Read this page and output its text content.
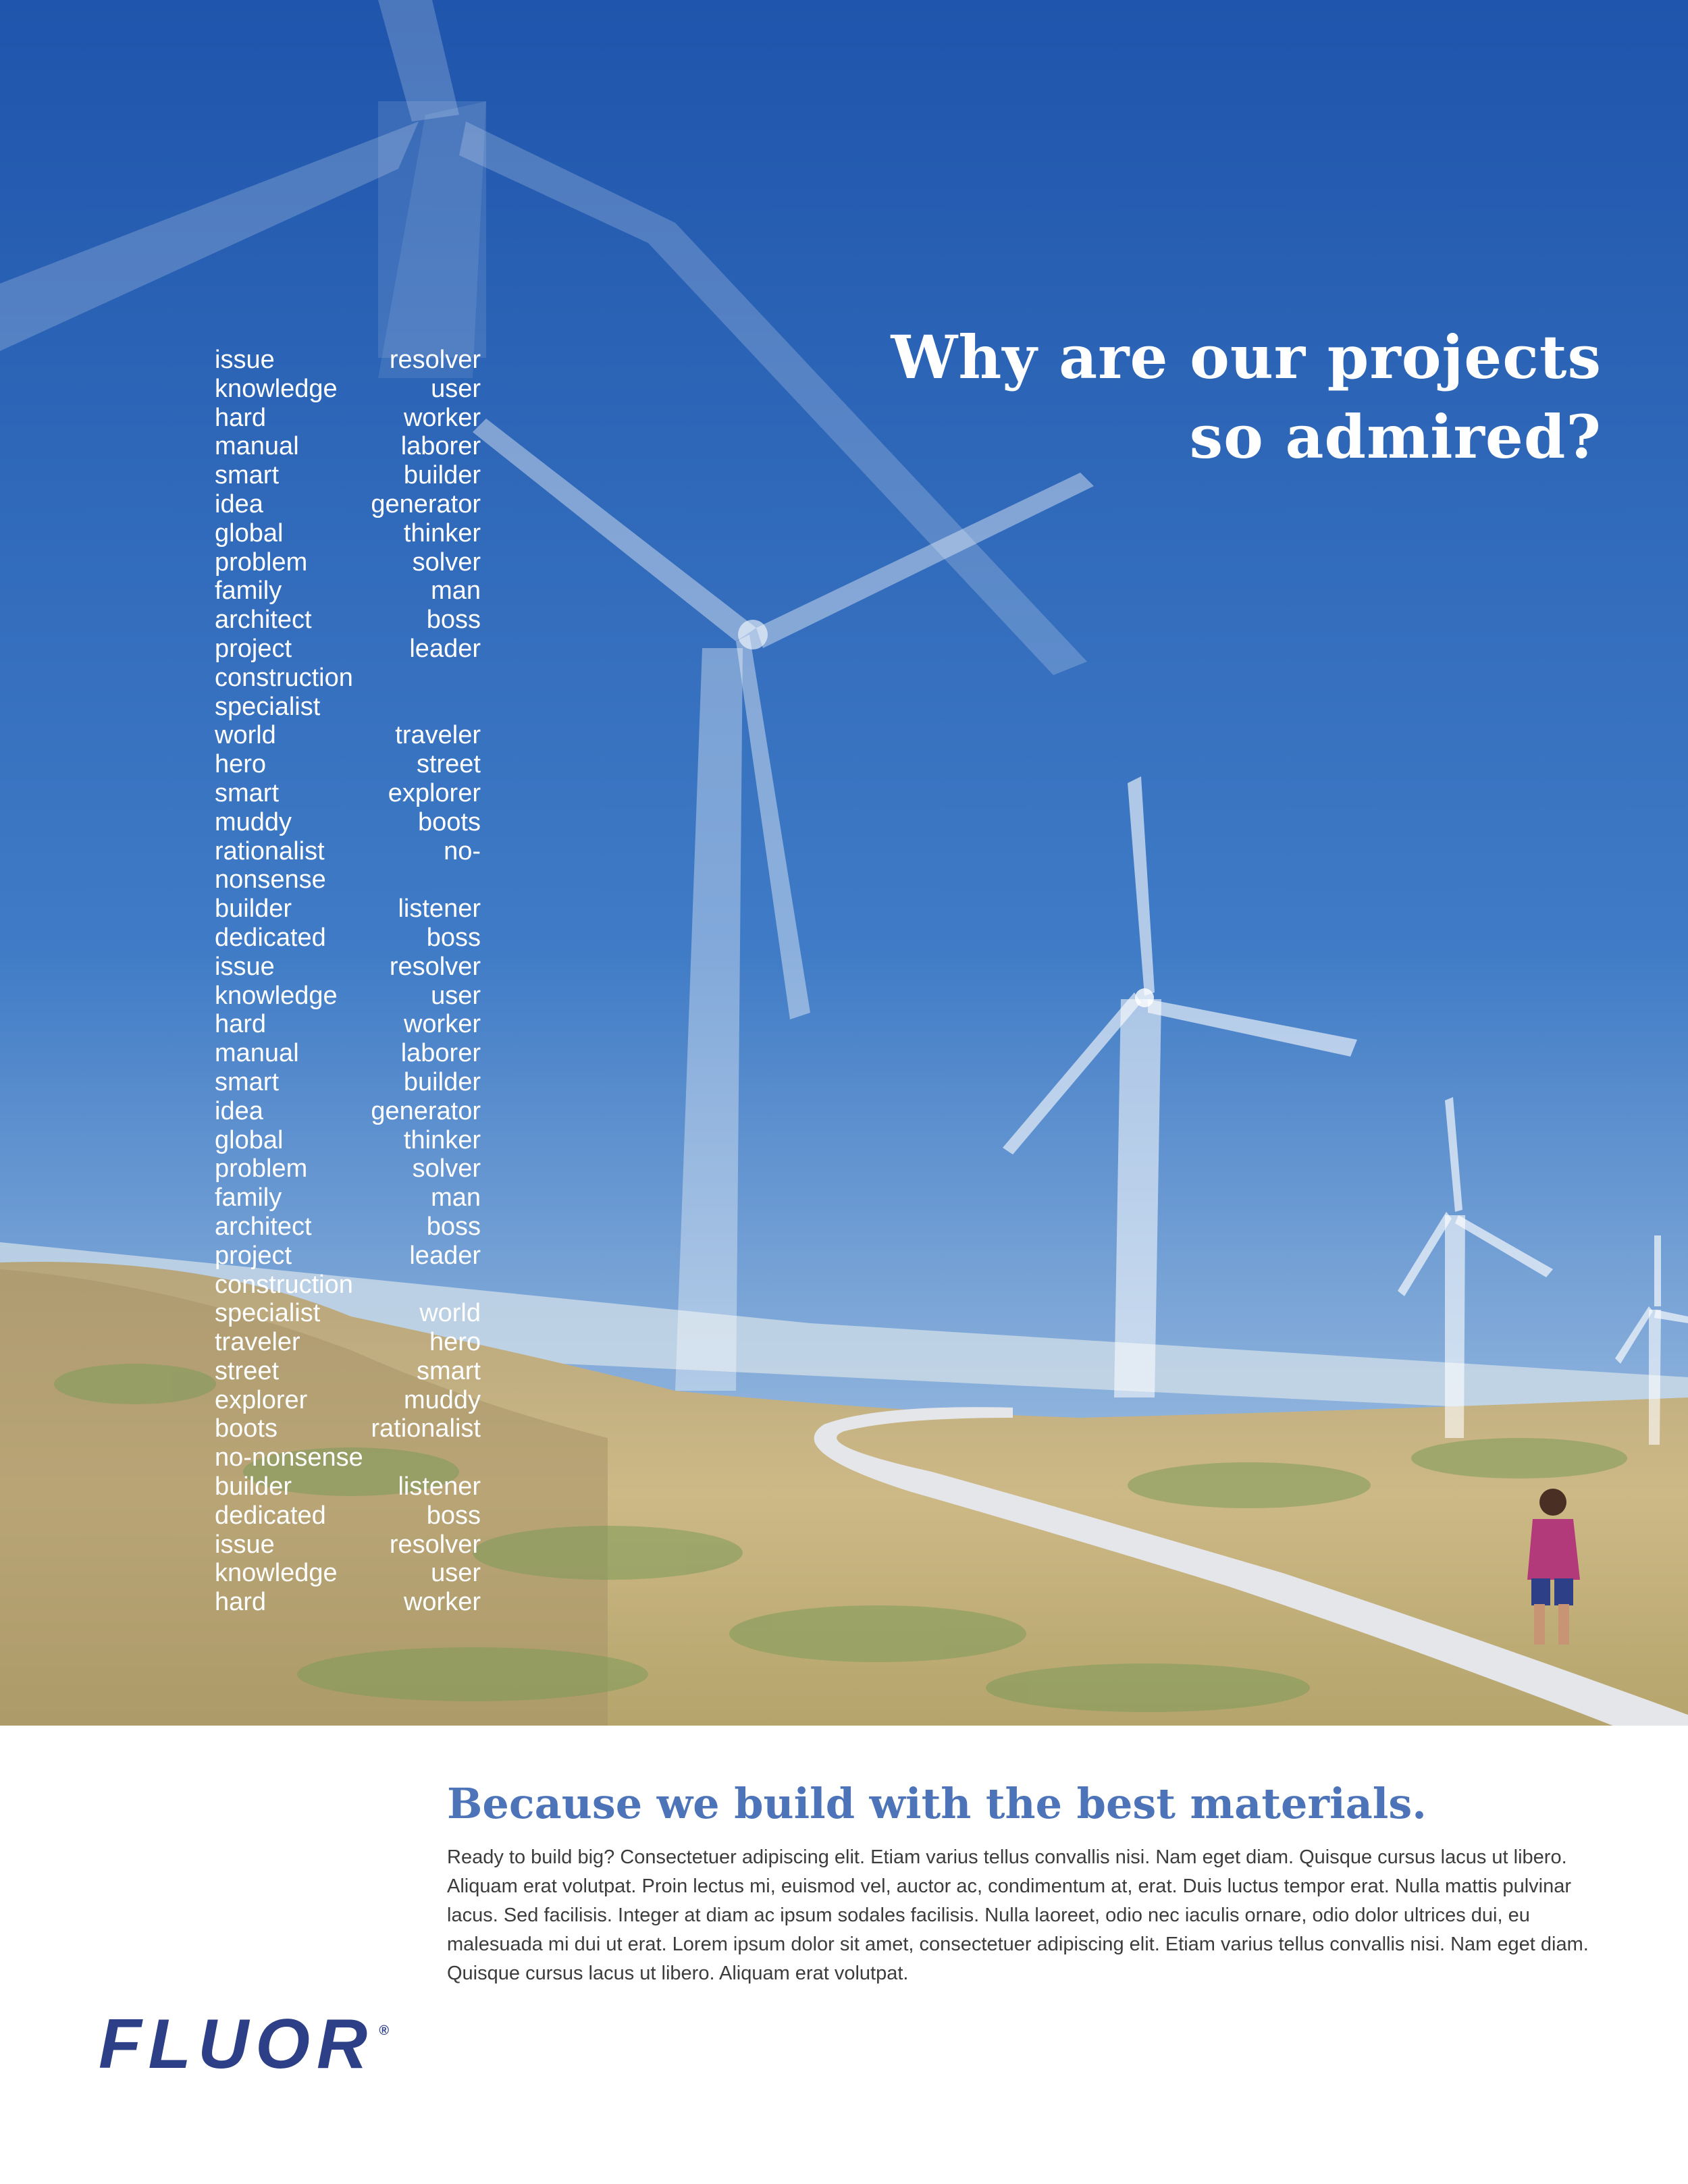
issue resolver
knowledge user
hard worker
manual laborer
smart builder
idea generator
global thinker
problem solver
family man
architect boss
project leader
construction
specialist
world traveler
hero street
smart explorer
muddy boots
rationalist no-
nonsense
builder listener
dedicated boss
issue resolver
knowledge user
hard worker
manual laborer
smart builder
idea generator
global thinker
problem solver
family man
architect boss
project leader
construction
specialist world
traveler hero
street smart
explorer muddy
boots rationalist
no-nonsense
builder listener
dedicated boss
issue resolver
knowledge user
hard worker
Why are our projects
so admired?
Because we build with the best materials.
Ready to build big? Consectetuer adipiscing elit. Etiam varius tellus convallis nisi. Nam eget diam. Quisque cursus lacus ut libero. Aliquam erat volutpat. Proin lectus mi, euismod vel, auctor ac, condimentum at, erat. Duis luctus tempor erat. Nulla mattis pulvinar lacus. Sed facilisis. Integer at diam ac ipsum sodales facilisis. Nulla laoreet, odio nec iaculis ornare, odio dolor ultrices dui, eu malesuada mi dui ut erat. Lorem ipsum dolor sit amet, consectetuer adipiscing elit. Etiam varius tellus convallis nisi. Nam eget diam. Quisque cursus lacus ut libero. Aliquam erat volutpat.
FLUOR ®
